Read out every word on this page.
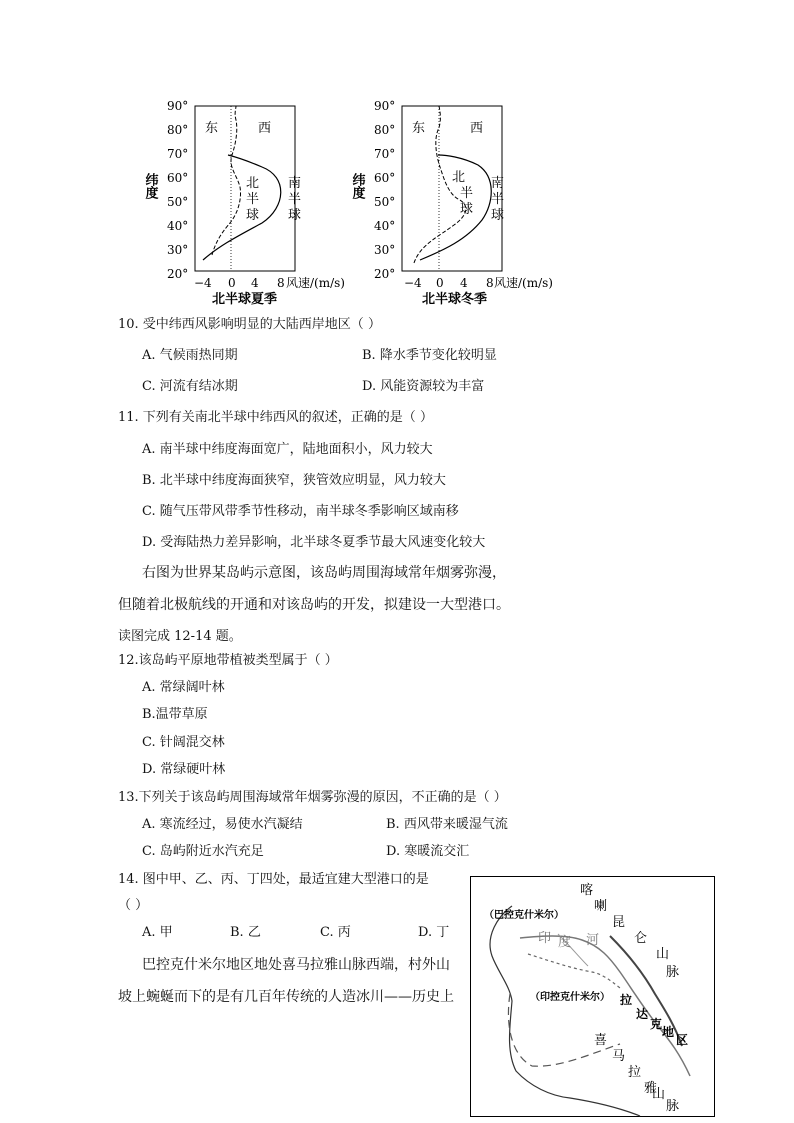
90°
80°
70°
60°
50°
40°
30°
20°
纬度
东	西
北
半
球
南
半
球
−4 0 4 8 风速/(m/s)
北半球夏季
90°
80°
70°
60°
50°
40°
30°
20°
纬度
东	西
北
半
球
南
半
球
−4 0 4 8 风速/(m/s)
北半球冬季
10. 受中纬西风影响明显的大陆西岸地区（ ）
A. 气候雨热同期	B. 降水季节变化较明显
C. 河流有结冰期	D. 风能资源较为丰富
11. 下列有关南北半球中纬西风的叙述，正确的是（ ）
A. 南半球中纬度海面宽广，陆地面积小，风力较大
B. 北半球中纬度海面狭窄，狭管效应明显，风力较大
C. 随气压带风带季节性移动，南半球冬季影响区域南移
D. 受海陆热力差异影响，北半球冬夏季节最大风速变化较大
右图为世界某岛屿示意图，该岛屿周围海域常年烟雾弥漫，
但随着北极航线的开通和对该岛屿的开发，拟建设一大型港口。
读图完成 12-14 题。
12.该岛屿平原地带植被类型属于（ ）
A. 常绿阔叶林
B.温带草原
C. 针阔混交林
D. 常绿硬叶林
13.下列关于该岛屿周围海域常年烟雾弥漫的原因，不正确的是（ ）
A. 寒流经过，易使水汽凝结	B. 西风带来暖湿气流
C. 岛屿附近水汽充足	D. 寒暖流交汇
14. 图中甲、乙、丙、丁四处，最适宜建大型港口的是
（ ）
A. 甲	B. 乙	C. 丙	D. 丁
巴控克什米尔地区地处喜马拉雅山脉西端，村外山
坡上蜿蜒而下的是有几百年传统的人造冰川——历史上
（巴控克什米尔）
（印控克什米尔）
印 度 河
喀
喇
昆
仑
山
脉
拉
达
克
地
区
喜
马
拉
雅
山
脉
